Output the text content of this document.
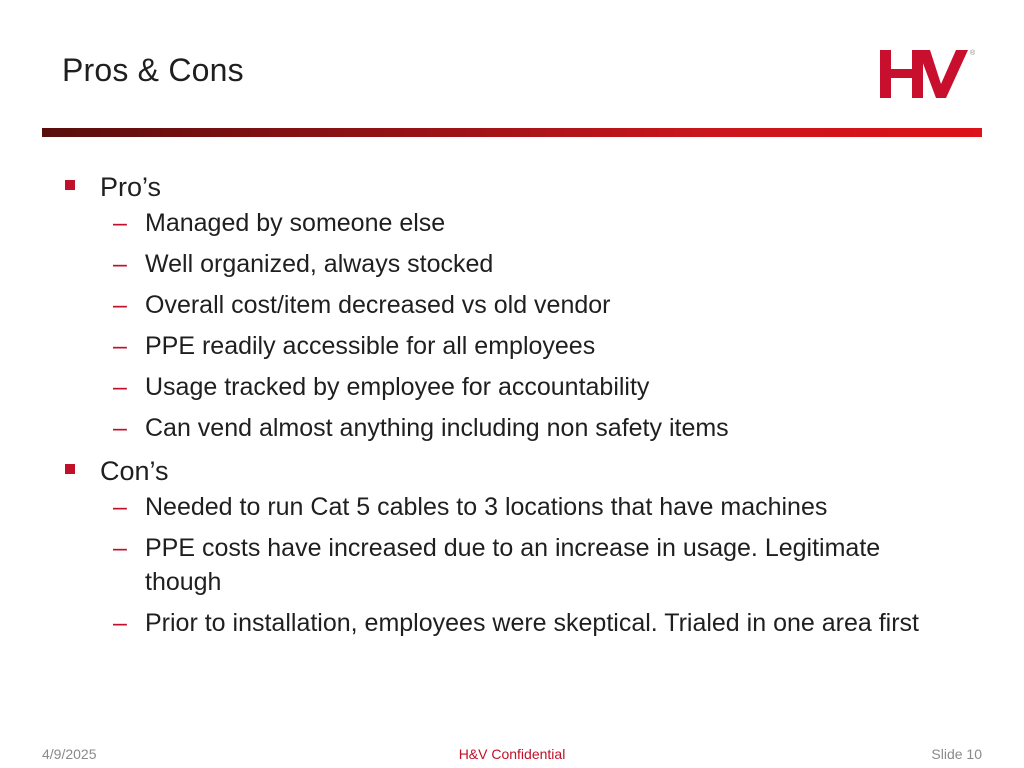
Pros & Cons	®
Pro’s
– Managed by someone else
– Well organized, always stocked
– Overall cost/item decreased vs old vendor
– PPE readily accessible for all employees
– Usage tracked by employee for accountability
– Can vend almost anything including non safety items
Con’s
– Needed to run Cat 5 cables to 3 locations that have machines
– PPE costs have increased due to an increase in usage. Legitimate though
– Prior to installation, employees were skeptical. Trialed in one area first
4/9/2025	H&V Confidential	Slide 10
